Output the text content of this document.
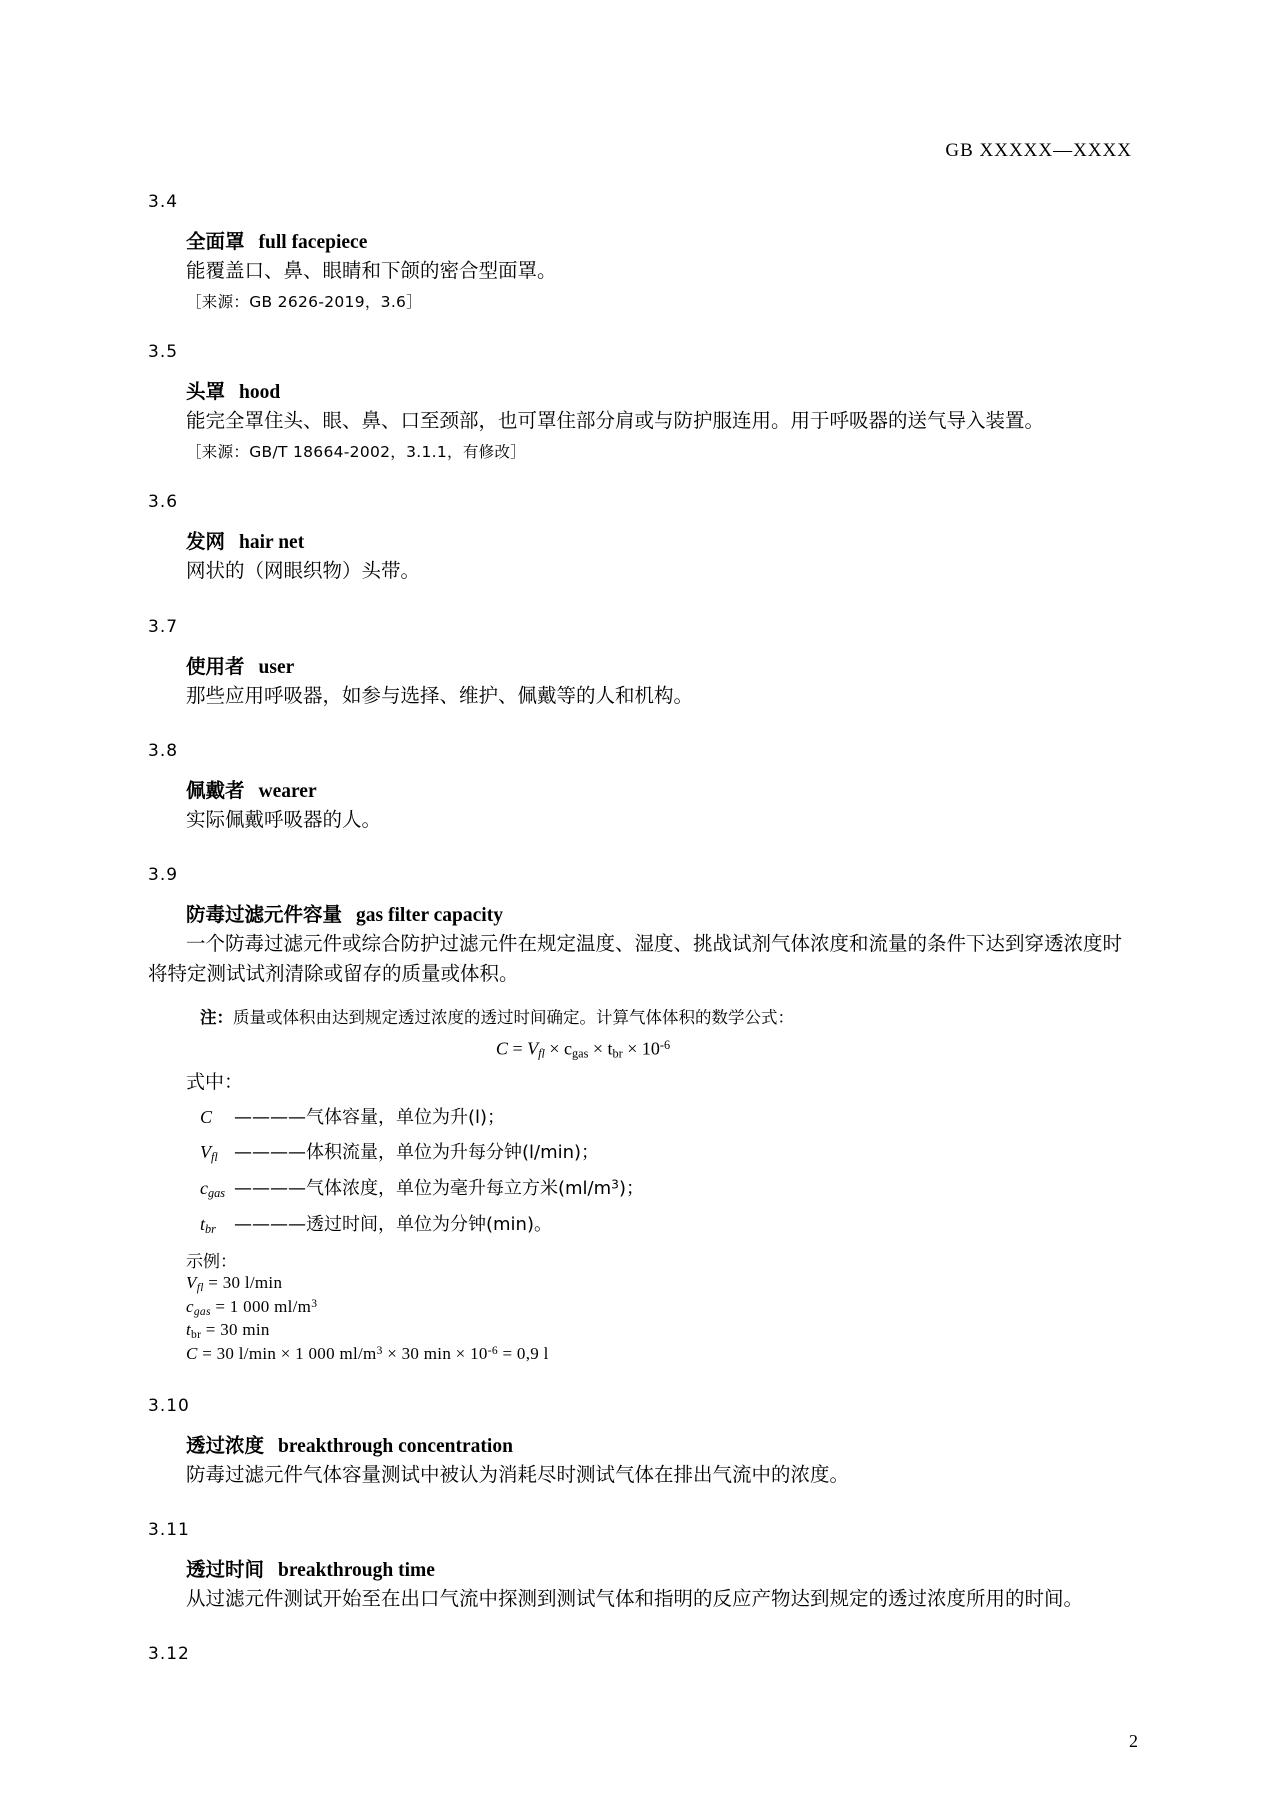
GB XXXXX—XXXX
3.4
全面罩 full facepiece
能覆盖口、鼻、眼睛和下颌的密合型面罩。
［来源：GB 2626-2019，3.6］
3.5
头罩 hood
能完全罩住头、眼、鼻、口至颈部，也可罩住部分肩或与防护服连用。用于呼吸器的送气导入装置。
［来源：GB/T 18664-2002，3.1.1，有修改］
3.6
发网 hair net
网状的（网眼织物）头带。
3.7
使用者 user
那些应用呼吸器，如参与选择、维护、佩戴等的人和机构。
3.8
佩戴者 wearer
实际佩戴呼吸器的人。
3.9
防毒过滤元件容量 gas filter capacity
一个防毒过滤元件或综合防护过滤元件在规定温度、湿度、挑战试剂气体浓度和流量的条件下达到穿透浓度时将特定测试试剂清除或留存的质量或体积。
注：质量或体积由达到规定透过浓度的透过时间确定。计算气体体积的数学公式：
$C = V_{fl} \times c_{gas} \times t_{br} \times 10^{-6}$
式中：
C ————气体容量，单位为升(l)；
$V_{fl}$ ————体积流量，单位为升每分钟(l/min)；
$c_{gas}$ ————气体浓度，单位为毫升每立方米$(ml/m^3)$；
$t_{br}$ ————透过时间，单位为分钟(min)。
示例：
$V_{fl} = 30$ l/min
$c_{gas} = 1$ 000 $ml/m^3$
$t_{br} = 30$ min
C = 30 l/min × 1 000 $ml/m^3 \times 30$ $\min \times 10^{-6} = 0,9$ l
3.10
透过浓度 breakthrough concentration
防毒过滤元件气体容量测试中被认为消耗尽时测试气体在排出气流中的浓度。
3.11
透过时间 breakthrough time
从过滤元件测试开始至在出口气流中探测到测试气体和指明的反应产物达到规定的透过浓度所用的时间。
3.12
2
